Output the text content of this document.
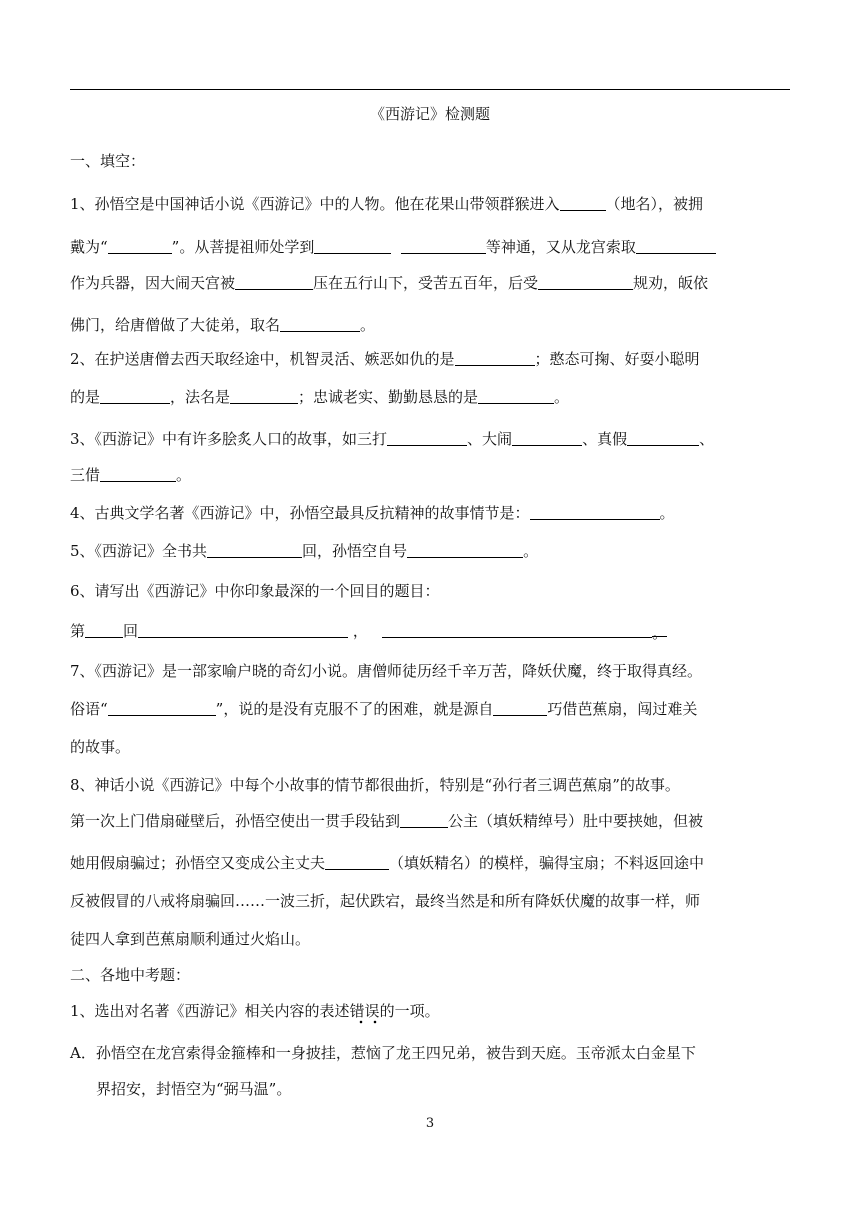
《西游记》检测题
一、填空：
1、孙悟空是中国神话小说《西游记》中的人物。他在花果山带领群猴进入	（地名），被拥
戴为“	”。从菩提祖师处学到	等神通，又从龙宫索取
作为兵器，因大闹天宫被	压在五行山下，受苦五百年，后受	规劝，皈依
佛门，给唐僧做了大徒弟，取名	。
2、在护送唐僧去西天取经途中，机智灵活、嫉恶如仇的是	；憨态可掬、好耍小聪明
的是	，法名是	；忠诚老实、勤勤恳恳的是	。
3、《西游记》中有许多脍炙人口的故事，如三打	、大闹	、真假	、
三借	。
4、古典文学名著《西游记》中，孙悟空最具反抗精神的故事情节是：	。
5、《西游记》全书共	回，孙悟空自号	。
6、请写出《西游记》中你印象最深的一个回目的题目：
第	回	，	。
7、《西游记》是一部家喻户晓的奇幻小说。唐僧师徒历经千辛万苦，降妖伏魔，终于取得真经。
俗语“	”，说的是没有克服不了的困难，就是源自	巧借芭蕉扇，闯过难关
的故事。
8、神话小说《西游记》中每个小故事的情节都很曲折，特别是“孙行者三调芭蕉扇”的故事。
第一次上门借扇碰壁后，孙悟空使出一贯手段钻到	公主（填妖精绰号）肚中要挟她，但被
她用假扇骗过；孙悟空又变成公主丈夫	（填妖精名）的模样，骗得宝扇；不料返回途中
反被假冒的八戒将扇骗回……一波三折，起伏跌宕，最终当然是和所有降妖伏魔的故事一样，师
徒四人拿到芭蕉扇顺利通过火焰山。
二、各地中考题：
1、选出对名著《西游记》相关内容的表述错误的一项。
A．孙悟空在龙宫索得金箍棒和一身披挂，惹恼了龙王四兄弟，被告到天庭。玉帝派太白金星下
界招安，封悟空为“弼马温”。
3
